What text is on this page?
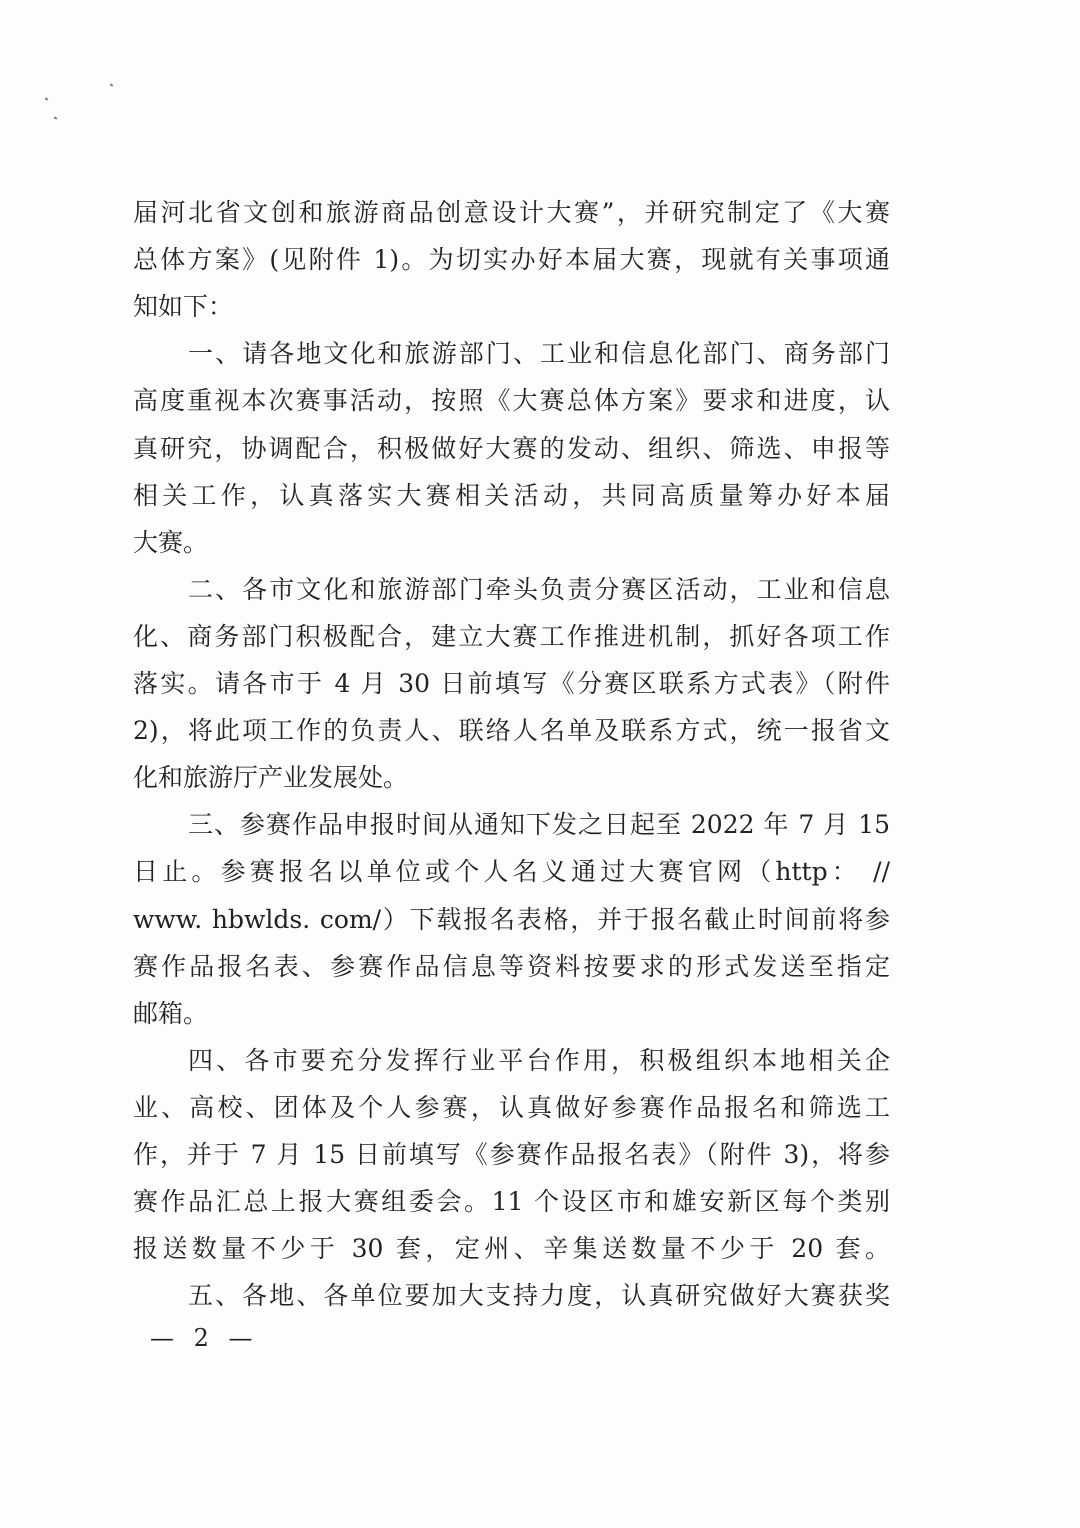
届河北省文创和旅游商品创意设计大赛”，并研究制定了《大赛
总体方案》(见附件 1)。为切实办好本届大赛，现就有关事项通
知如下：
一、请各地文化和旅游部门、工业和信息化部门、商务部门
高度重视本次赛事活动，按照《大赛总体方案》要求和进度，认
真研究，协调配合，积极做好大赛的发动、组织、筛选、申报等
相关工作，认真落实大赛相关活动，共同高质量筹办好本届
大赛。
二、各市文化和旅游部门牵头负责分赛区活动，工业和信息
化、商务部门积极配合，建立大赛工作推进机制，抓好各项工作
落实。请各市于 4 月 30 日前填写《分赛区联系方式表》（附件
2)，将此项工作的负责人、联络人名单及联系方式，统一报省文
化和旅游厅产业发展处。
三、参赛作品申报时间从通知下发之日起至 2022 年 7 月 15
日止。参赛报名以单位或个人名义通过大赛官网（http： //
www. hbwlds. com/）下载报名表格，并于报名截止时间前将参
赛作品报名表、参赛作品信息等资料按要求的形式发送至指定
邮箱。
四、各市要充分发挥行业平台作用，积极组织本地相关企
业、高校、团体及个人参赛，认真做好参赛作品报名和筛选工
作，并于 7 月 15 日前填写《参赛作品报名表》（附件 3)，将参
赛作品汇总上报大赛组委会。11 个设区市和雄安新区每个类别
报送数量不少于 30 套，定州、辛集送数量不少于 20 套。
五、各地、各单位要加大支持力度，认真研究做好大赛获奖
— 2 —
